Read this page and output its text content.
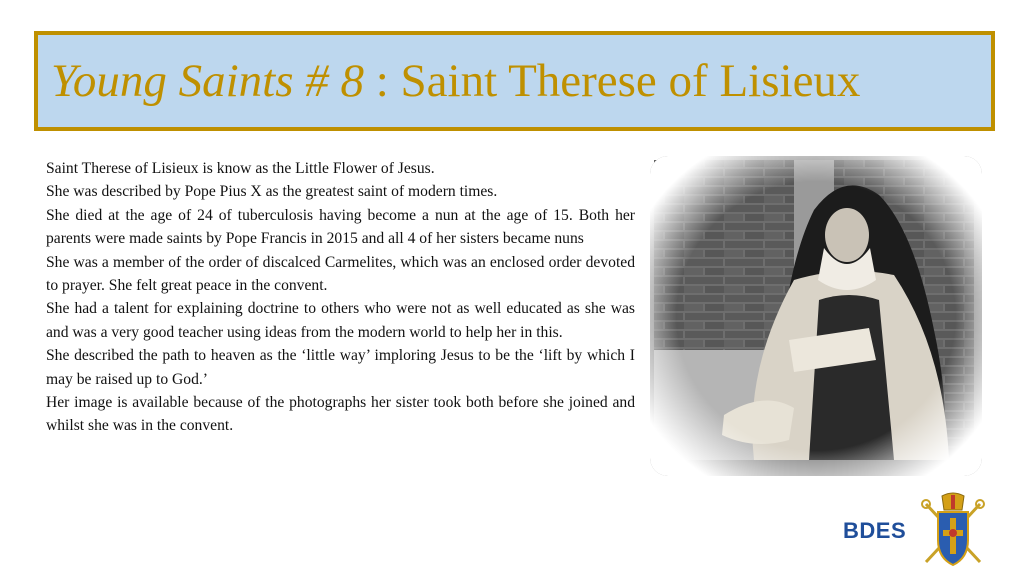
Young Saints # 8 : Saint Therese of Lisieux

Saint Therese of Lisieux is know as the Little Flower of Jesus.

She was described by Pope Pius X as the greatest saint of modern times.

She died at the age of 24 of tuberculosis having become a nun at the age of 15. Both her parents were made saints by Pope Francis in 2015 and all 4 of her sisters became nuns

She was a member of the order of discalced Carmelites, which was an enclosed order devoted to prayer. She felt great peace in the convent.

She had a talent for explaining doctrine to others who were not as well educated as she was and was a very good teacher using ideas from the modern world to help her in this.

She described the path to heaven as the ‘little way’ imploring Jesus to be the ‘lift by which I may be raised up to God.’

Her image is available because of the photographs her sister took both before she joined and whilst she was in the convent.

BDES
